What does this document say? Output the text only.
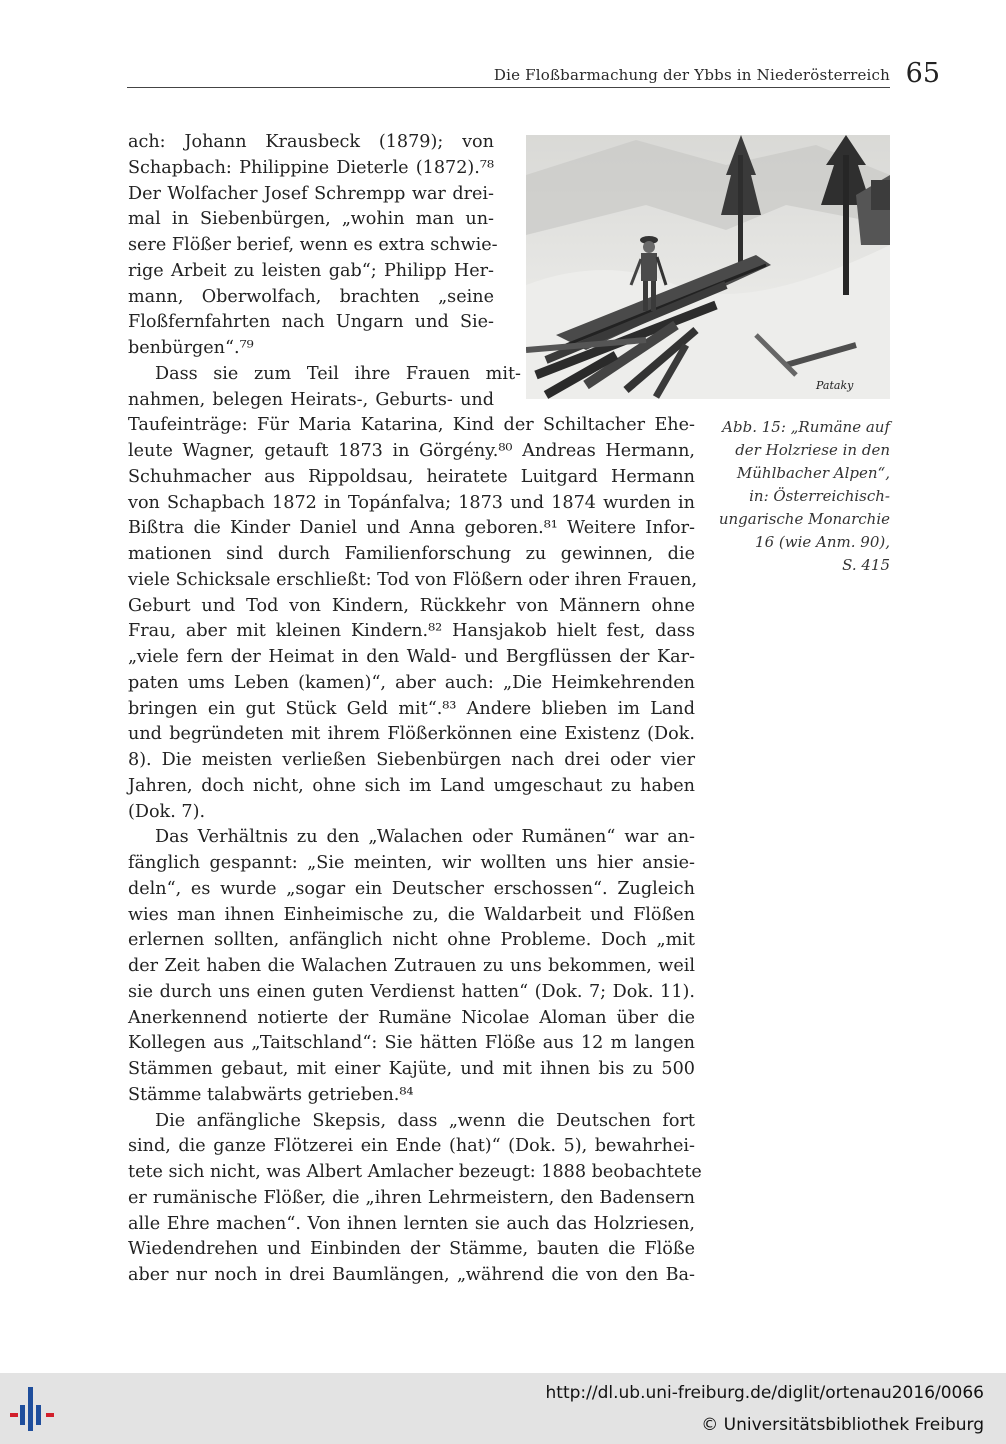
Die Floßbarmachung der Ybbs in Niederösterreich 65
Pataky
Abb. 15: „Rumäne auf
der Holzriese in den
Mühlbacher Alpen“,
in: Österreichisch-
ungarische Monarchie
16 (wie Anm. 90),
S. 415
ach: Johann Krausbeck (1879); von
Schapbach: Philippine Dieterle (1872).⁷⁸
Der Wolfacher Josef Schrempp war drei-
mal in Siebenbürgen, „wohin man un-
sere Flößer berief, wenn es extra schwie-
rige Arbeit zu leisten gab“; Philipp Her-
mann, Oberwolfach, brachten „seine
Floßfernfahrten nach Ungarn und Sie-
benbürgen“.⁷⁹
Dass sie zum Teil ihre Frauen mit-
nahmen, belegen Heirats-, Geburts- und
Taufeinträge: Für Maria Katarina, Kind der Schiltacher Ehe-
leute Wagner, getauft 1873 in Görgény.⁸⁰ Andreas Hermann,
Schuhmacher aus Rippoldsau, heiratete Luitgard Hermann
von Schapbach 1872 in Topánfalva; 1873 und 1874 wurden in
Bißtra die Kinder Daniel und Anna geboren.⁸¹ Weitere Infor-
mationen sind durch Familienforschung zu gewinnen, die
viele Schicksale erschließt: Tod von Flößern oder ihren Frauen,
Geburt und Tod von Kindern, Rückkehr von Männern ohne
Frau, aber mit kleinen Kindern.⁸² Hansjakob hielt fest, dass
„viele fern der Heimat in den Wald- und Bergflüssen der Kar-
paten ums Leben (kamen)“, aber auch: „Die Heimkehrenden
bringen ein gut Stück Geld mit“.⁸³ Andere blieben im Land
und begründeten mit ihrem Flößerkönnen eine Existenz (Dok.
8). Die meisten verließen Siebenbürgen nach drei oder vier
Jahren, doch nicht, ohne sich im Land umgeschaut zu haben
(Dok. 7).
Das Verhältnis zu den „Walachen oder Rumänen“ war an-
fänglich gespannt: „Sie meinten, wir wollten uns hier ansie-
deln“, es wurde „sogar ein Deutscher erschossen“. Zugleich
wies man ihnen Einheimische zu, die Waldarbeit und Flößen
erlernen sollten, anfänglich nicht ohne Probleme. Doch „mit
der Zeit haben die Walachen Zutrauen zu uns bekommen, weil
sie durch uns einen guten Verdienst hatten“ (Dok. 7; Dok. 11).
Anerkennend notierte der Rumäne Nicolae Aloman über die
Kollegen aus „Taitschland“: Sie hätten Flöße aus 12 m langen
Stämmen gebaut, mit einer Kajüte, und mit ihnen bis zu 500
Stämme talabwärts getrieben.⁸⁴
Die anfängliche Skepsis, dass „wenn die Deutschen fort
sind, die ganze Flötzerei ein Ende (hat)“ (Dok. 5), bewahrhei-
tete sich nicht, was Albert Amlacher bezeugt: 1888 beobachtete
er rumänische Flößer, die „ihren Lehrmeistern, den Badensern
alle Ehre machen“. Von ihnen lernten sie auch das Holzriesen,
Wiedendrehen und Einbinden der Stämme, bauten die Flöße
aber nur noch in drei Baumlängen, „während die von den Ba-
http://dl.ub.uni-freiburg.de/diglit/ortenau2016/0066
© Universitätsbibliothek Freiburg
